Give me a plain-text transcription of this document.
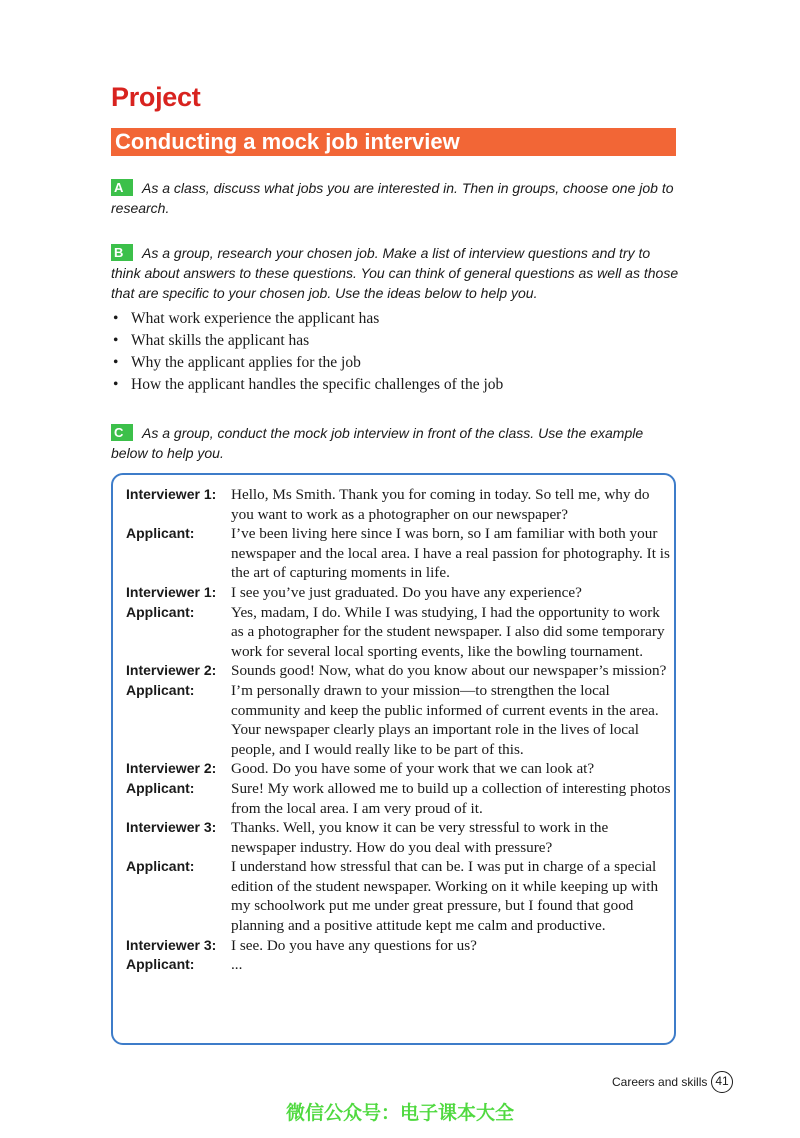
Project
Conducting a mock job interview
A As a class, discuss what jobs you are interested in. Then in groups, choose one job to research.
B As a group, research your chosen job. Make a list of interview questions and try to think about answers to these questions. You can think of general questions as well as those that are specific to your chosen job. Use the ideas below to help you.
• What work experience the applicant has
• What skills the applicant has
• Why the applicant applies for the job
• How the applicant handles the specific challenges of the job
C As a group, conduct the mock job interview in front of the class. Use the example below to help you.
Interviewer 1: Hello, Ms Smith. Thank you for coming in today. So tell me, why do you want to work as a photographer on our newspaper?
Applicant:	I’ve been living here since I was born, so I am familiar with both your newspaper and the local area. I have a real passion for photography. It is the art of capturing moments in life.
Interviewer 1: I see you’ve just graduated. Do you have any experience?
Applicant:	Yes, madam, I do. While I was studying, I had the opportunity to work as a photographer for the student newspaper. I also did some temporary work for several local sporting events, like the bowling tournament.
Interviewer 2: Sounds good! Now, what do you know about our newspaper’s mission?
Applicant:	I’m personally drawn to your mission—to strengthen the local community and keep the public informed of current events in the area. Your newspaper clearly plays an important role in the lives of local people, and I would really like to be part of this.
Interviewer 2: Good. Do you have some of your work that we can look at?
Applicant:	Sure! My work allowed me to build up a collection of interesting photos from the local area. I am very proud of it.
Interviewer 3: Thanks. Well, you know it can be very stressful to work in the newspaper industry. How do you deal with pressure?
Applicant:	I understand how stressful that can be. I was put in charge of a special edition of the student newspaper. Working on it while keeping up with my schoolwork put me under great pressure, but I found that good planning and a positive attitude kept me calm and productive.
Interviewer 3: I see. Do you have any questions for us?
Applicant:	...
Careers and skills 41
微信公众号：电子课本大全
